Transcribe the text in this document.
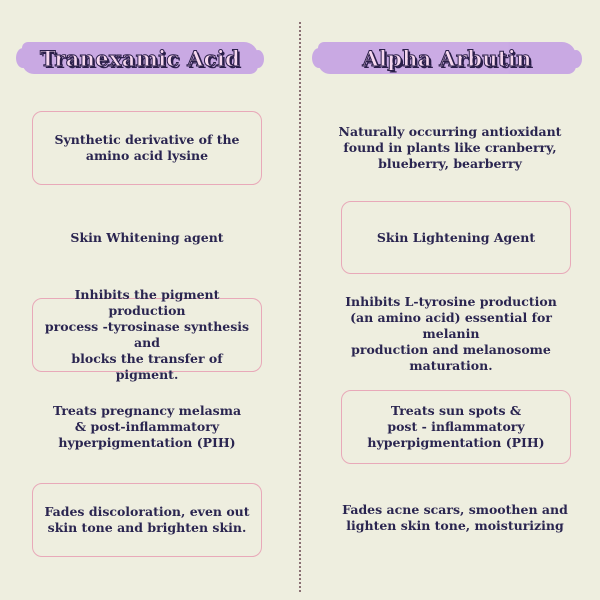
Tranexamic Acid	Alpha Arbutin
Synthetic derivative of the
amino acid lysine
Skin Whitening agent
Inhibits the pigment production
process -tyrosinase synthesis and
blocks the transfer of pigment.
Treats pregnancy melasma
& post-inflammatory
hyperpigmentation (PIH)
Fades discoloration, even out
skin tone and brighten skin.
Naturally occurring antioxidant
found in plants like cranberry,
blueberry, bearberry
Skin Lightening Agent
Inhibits L-tyrosine production
(an amino acid) essential for melanin
production and melanosome
maturation.
Treats sun spots &
post - inflammatory
hyperpigmentation (PIH)
Fades acne scars, smoothen and
lighten skin tone, moisturizing
